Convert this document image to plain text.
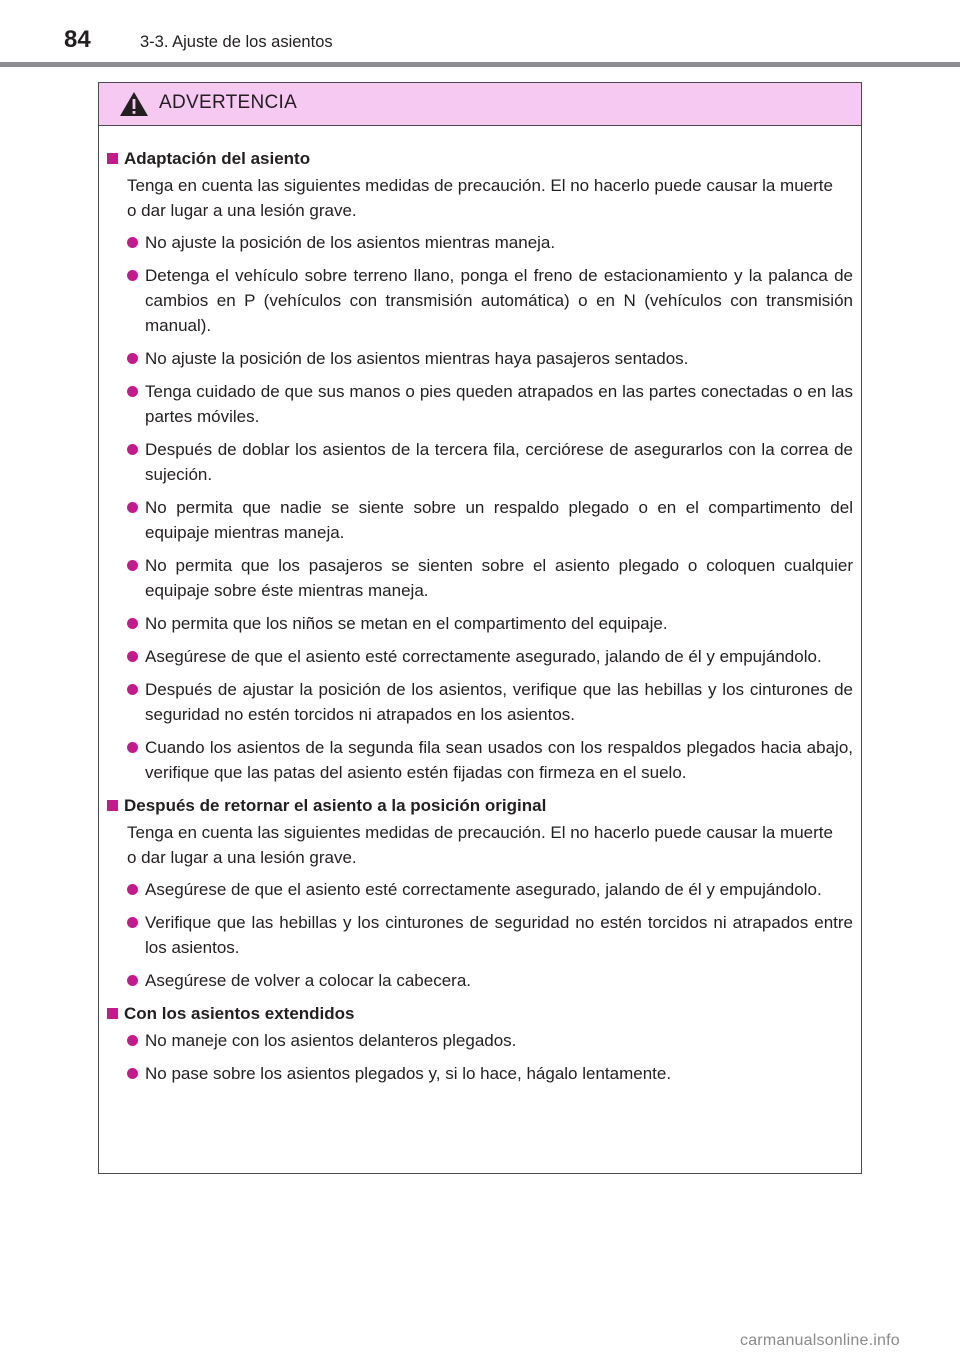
84	3-3. Ajuste de los asientos
ADVERTENCIA
Adaptación del asiento
Tenga en cuenta las siguientes medidas de precaución. El no hacerlo puede causar la muerte o dar lugar a una lesión grave.
No ajuste la posición de los asientos mientras maneja.
Detenga el vehículo sobre terreno llano, ponga el freno de estacionamiento y la palanca de cambios en P (vehículos con transmisión automática) o en N (vehículos con transmisión manual).
No ajuste la posición de los asientos mientras haya pasajeros sentados.
Tenga cuidado de que sus manos o pies queden atrapados en las partes conectadas o en las partes móviles.
Después de doblar los asientos de la tercera fila, cerciórese de asegurarlos con la correa de sujeción.
No permita que nadie se siente sobre un respaldo plegado o en el compartimento del equipaje mientras maneja.
No permita que los pasajeros se sienten sobre el asiento plegado o coloquen cualquier equipaje sobre éste mientras maneja.
No permita que los niños se metan en el compartimento del equipaje.
Asegúrese de que el asiento esté correctamente asegurado, jalando de él y empujándolo.
Después de ajustar la posición de los asientos, verifique que las hebillas y los cinturones de seguridad no estén torcidos ni atrapados en los asientos.
Cuando los asientos de la segunda fila sean usados con los respaldos plegados hacia abajo, verifique que las patas del asiento estén fijadas con firmeza en el suelo.
Después de retornar el asiento a la posición original
Tenga en cuenta las siguientes medidas de precaución. El no hacerlo puede causar la muerte o dar lugar a una lesión grave.
Asegúrese de que el asiento esté correctamente asegurado, jalando de él y empujándolo.
Verifique que las hebillas y los cinturones de seguridad no estén torcidos ni atrapados entre los asientos.
Asegúrese de volver a colocar la cabecera.
Con los asientos extendidos
No maneje con los asientos delanteros plegados.
No pase sobre los asientos plegados y, si lo hace, hágalo lentamente.
carmanualsonline.info
